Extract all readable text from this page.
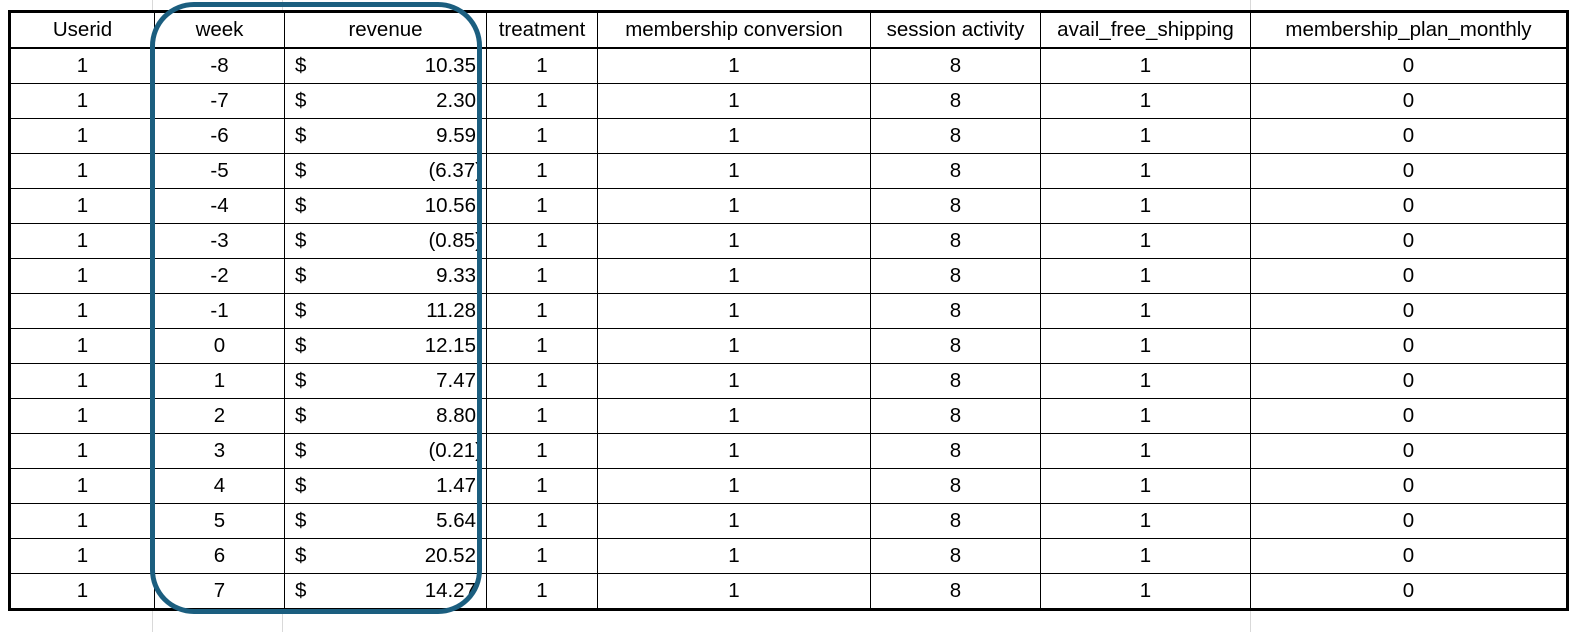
Userid	week	revenue	treatment	membership conversion	session activity	avail_free_shipping	membership_plan_monthly
1	-8	$ 10.35	1	1	8	1	0
1	-7	$ 2.30	1	1	8	1	0
1	-6	$ 9.59	1	1	8	1	0
1	-5	$ (6.37)	1	1	8	1	0
1	-4	$ 10.56	1	1	8	1	0
1	-3	$ (0.85)	1	1	8	1	0
1	-2	$ 9.33	1	1	8	1	0
1	-1	$ 11.28	1	1	8	1	0
1	0	$ 12.15	1	1	8	1	0
1	1	$ 7.47	1	1	8	1	0
1	2	$ 8.80	1	1	8	1	0
1	3	$ (0.21)	1	1	8	1	0
1	4	$ 1.47	1	1	8	1	0
1	5	$ 5.64	1	1	8	1	0
1	6	$ 20.52	1	1	8	1	0
1	7	$ 14.27	1	1	8	1	0
